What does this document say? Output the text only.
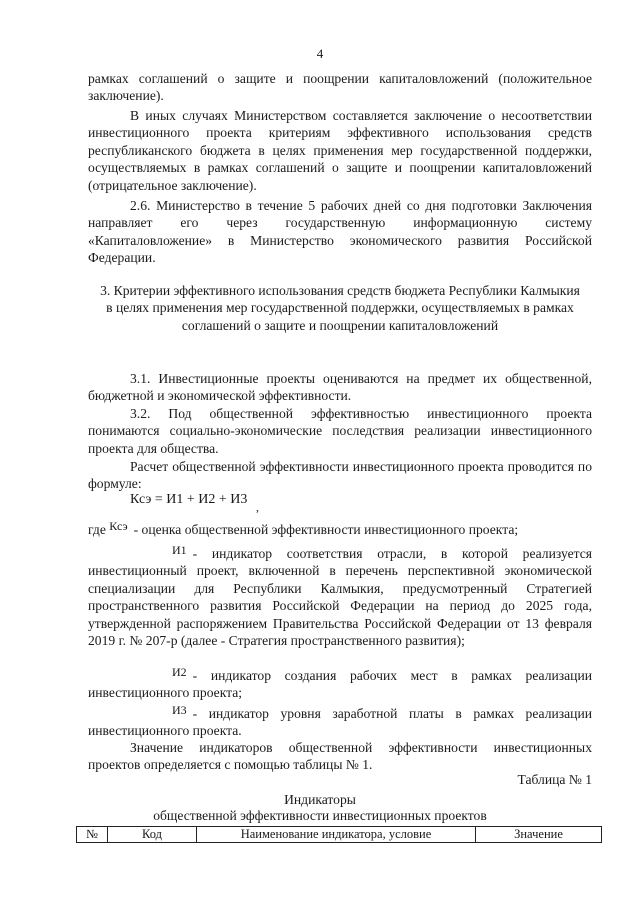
4
рамках соглашений о защите и поощрении капиталовложений (положительное заключение).
В иных случаях Министерством составляется заключение о несоответствии инвестиционного проекта критериям эффективного использования средств республиканского бюджета в целях применения мер государственной поддержки, осуществляемых в рамках соглашений о защите и поощрении капиталовложений (отрицательное заключение).
2.6. Министерство в течение 5 рабочих дней со дня подготовки Заключения направляет его через государственную информационную систему «Капиталовложение» в Министерство экономического развития Российской Федерации.
3. Критерии эффективного использования средств бюджета Республики Калмыкия в целях применения мер государственной поддержки, осуществляемых в рамках соглашений о защите и поощрении капиталовложений
3.1. Инвестиционные проекты оцениваются на предмет их общественной, бюджетной и экономической эффективности.
3.2. Под общественной эффективностью инвестиционного проекта понимаются социально-экономические последствия реализации инвестиционного проекта для общества.
Расчет общественной эффективности инвестиционного проекта проводится по формуле:
Ксэ = И1 + И2 + И3 ,
где Ксэ - оценка общественной эффективности инвестиционного проекта;
И1 - индикатор соответствия отрасли, в которой реализуется инвестиционный проект, включенной в перечень перспективной экономической специализации для Республики Калмыкия, предусмотренный Стратегией пространственного развития Российской Федерации на период до 2025 года, утвержденной распоряжением Правительства Российской Федерации от 13 февраля 2019 г. № 207-р (далее - Стратегия пространственного развития);
И2 - индикатор создания рабочих мест в рамках реализации инвестиционного проекта;
И3 - индикатор уровня заработной платы в рамках реализации инвестиционного проекта.
Значение индикаторов общественной эффективности инвестиционных проектов определяется с помощью таблицы № 1.
Таблица № 1
Индикаторы
общественной эффективности инвестиционных проектов
№	Код	Наименование индикатора, условие	Значение
